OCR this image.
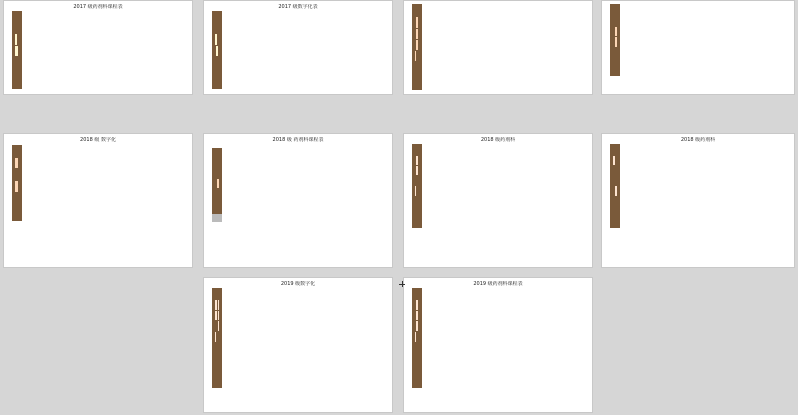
2017 级药剂科课程表

									2017 级数字化表

2018 级 数字化

									2018 级 药剂科课程表

									2018 级药剂科

									2018 级药剂科

2019 级数字化

									2019 级药剂科课程表
